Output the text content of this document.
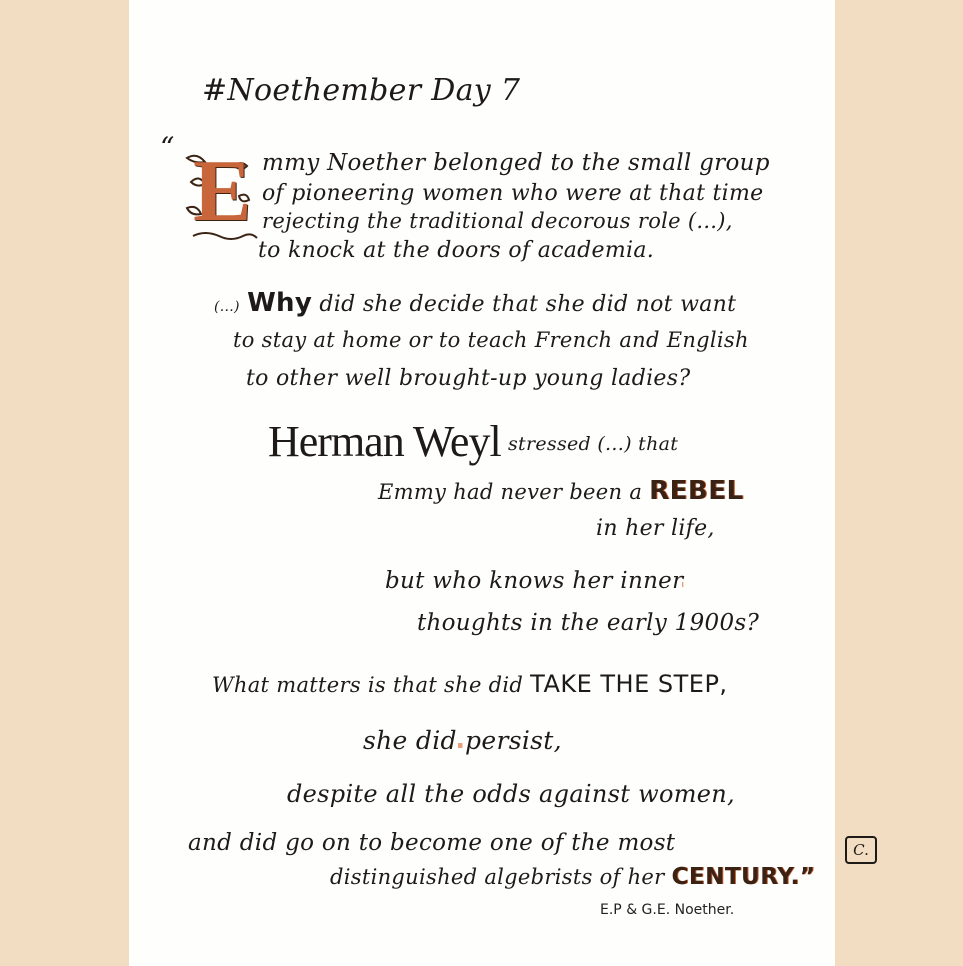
#Noethember Day 7
“ E mmy Noether belonged to the small group
of pioneering women who were at that time
rejecting the traditional decorous role (...),
to knock at the doors of academia.
(...) Why did she decide that she did not want
to stay at home or to teach French and English
to other well brought-up young ladies?
Herman Weyl stressed (...) that
Emmy had never been a REBEL
in her life,
but who knows her inner
thoughts in the early 1900s?
What matters is that she did TAKE THE STEP,
she did persist,
despite all the odds against women,
and did go on to become one of the most
distinguished algebrists of her CENTURY.”
E.P & G.E. Noether.
C.
